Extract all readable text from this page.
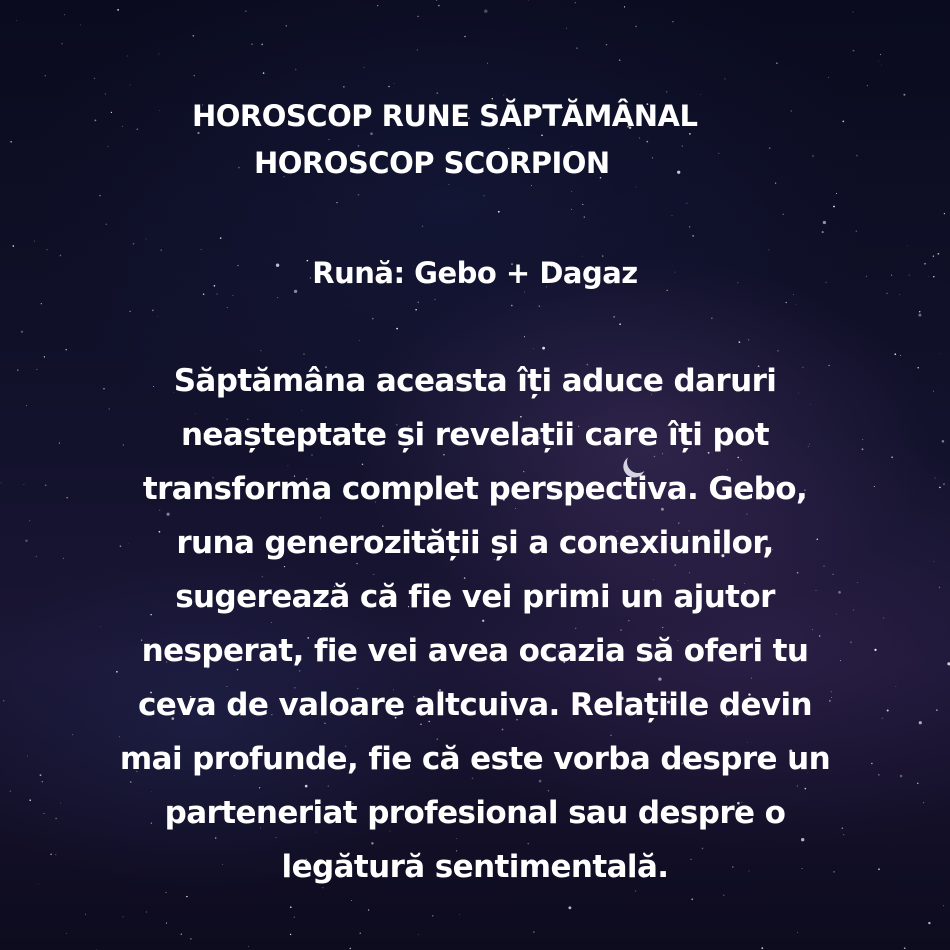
HOROSCOP RUNE SĂPTĂMÂNAL
HOROSCOP SCORPION
Rună: Gebo + Dagaz
Săptămâna aceasta îți aduce daruri
neașteptate și revelații care îți pot
transforma complet perspectiva. Gebo,
runa generozității și a conexiunilor,
sugerează că fie vei primi un ajutor
nesperat, fie vei avea ocazia să oferi tu
ceva de valoare altcuiva. Relațiile devin
mai profunde, fie că este vorba despre un
parteneriat profesional sau despre o
legătură sentimentală.
